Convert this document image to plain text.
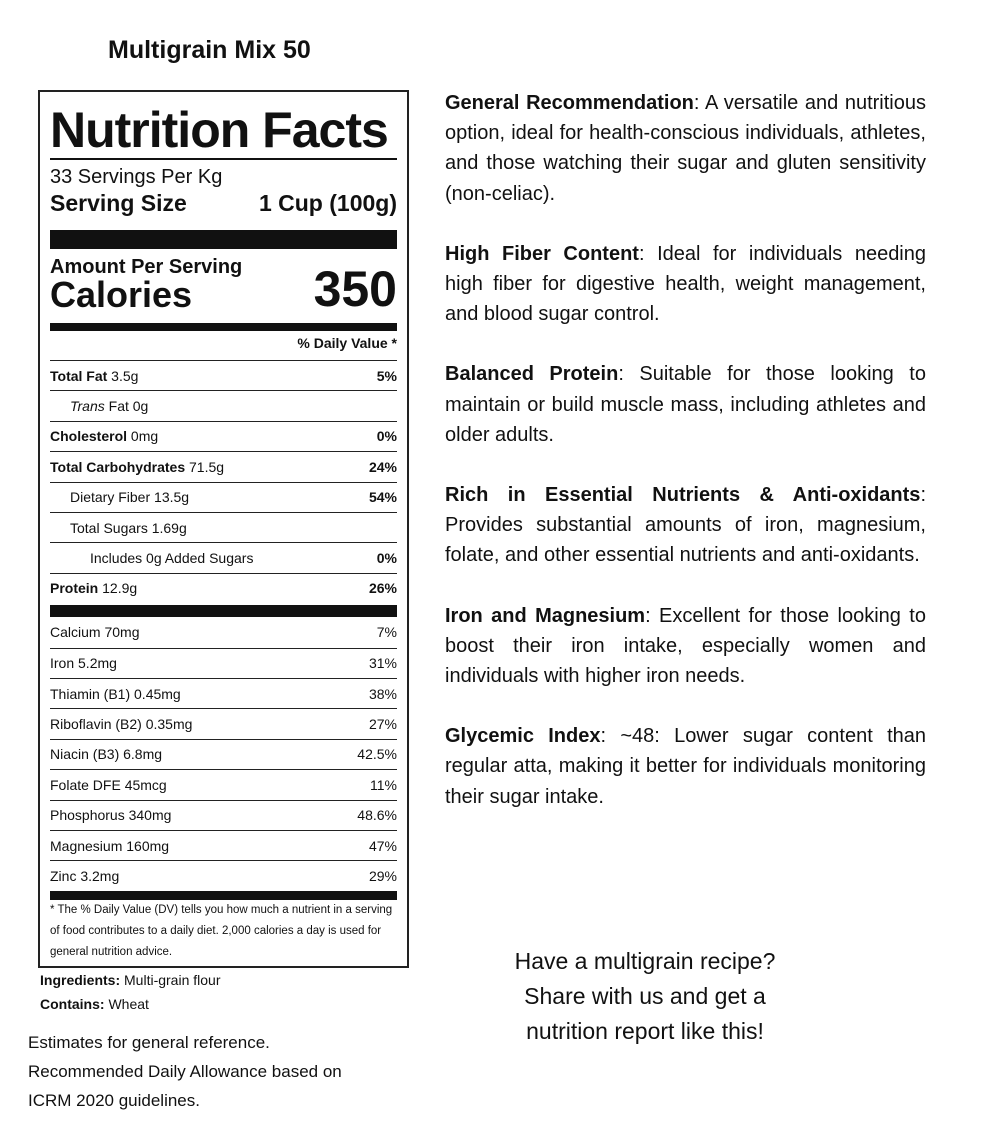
Multigrain Mix 50
Nutrition Facts
33 Servings Per Kg
Serving Size	1 Cup (100g)
Amount Per Serving
Calories	350
% Daily Value *
Total Fat 3.5g	5%
Trans Fat 0g
Cholesterol 0mg	0%
Total Carbohydrates 71.5g	24%
Dietary Fiber 13.5g	54%
Total Sugars 1.69g
Includes 0g Added Sugars	0%
Protein 12.9g	26%
Calcium 70mg	7%
Iron 5.2mg	31%
Thiamin (B1) 0.45mg	38%
Riboflavin (B2) 0.35mg	27%
Niacin (B3) 6.8mg	42.5%
Folate DFE 45mcg	11%
Phosphorus 340mg	48.6%
Magnesium 160mg	47%
Zinc 3.2mg	29%
* The % Daily Value (DV) tells you how much a nutrient in a serving of food contributes to a daily diet. 2,000 calories a day is used for general nutrition advice.
Ingredients: Multi-grain flour
Contains: Wheat
Estimates for general reference.
Recommended Daily Allowance based on
ICRM 2020 guidelines.
General Recommendation: A versatile and nutritious option, ideal for health-conscious individuals, athletes, and those watching their sugar and gluten sensitivity (non-celiac).
High Fiber Content: Ideal for individuals needing high fiber for digestive health, weight management, and blood sugar control.
Balanced Protein: Suitable for those looking to maintain or build muscle mass, including athletes and older adults.
Rich in Essential Nutrients & Anti-oxidants: Provides substantial amounts of iron, magnesium, folate, and other essential nutrients and anti-oxidants.
Iron and Magnesium: Excellent for those looking to boost their iron intake, especially women and individuals with higher iron needs.
Glycemic Index: ~48: Lower sugar content than regular atta, making it better for individuals monitoring their sugar intake.
Have a multigrain recipe?
Share with us and get a
nutrition report like this!
